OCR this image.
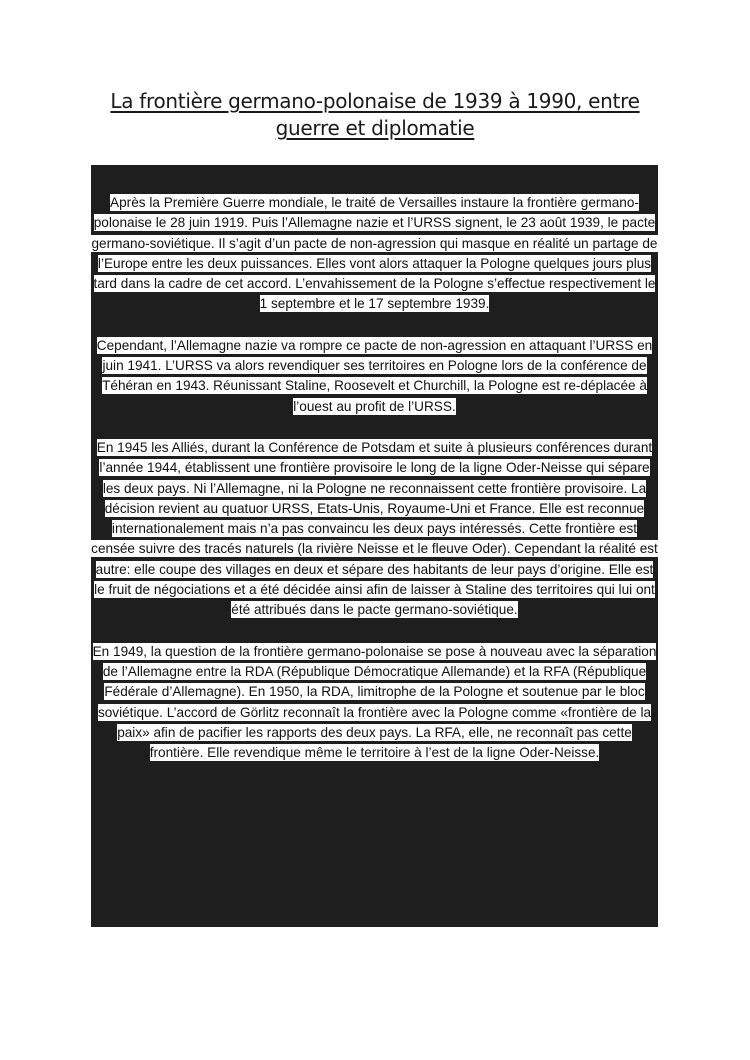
La frontière germano-polonaise de 1939 à 1990, entre guerre et diplomatie

Après la Première Guerre mondiale, le traité de Versailles instaure la frontière germano-polonaise le 28 juin 1919. Puis l’Allemagne nazie et l’URSS signent, le 23 août 1939, le pacte germano-soviétique. Il s’agit d’un pacte de non-agression qui masque en réalité un partage de l’Europe entre les deux puissances. Elles vont alors attaquer la Pologne quelques jours plus tard dans la cadre de cet accord. L’envahissement de la Pologne s’effectue respectivement le 1 septembre et le 17 septembre 1939.

Cependant, l’Allemagne nazie va rompre ce pacte de non-agression en attaquant l’URSS en juin 1941. L’URSS va alors revendiquer ses territoires en Pologne lors de la conférence de Téhéran en 1943. Réunissant Staline, Roosevelt et Churchill, la Pologne est re-déplacée à l’ouest au profit de l’URSS.

En 1945 les Alliés, durant la Conférence de Potsdam et suite à plusieurs conférences durant l’année 1944, établissent une frontière provisoire le long de la ligne Oder-Neisse qui sépare les deux pays. Ni l’Allemagne, ni la Pologne ne reconnaissent cette frontière provisoire. La décision revient au quatuor URSS, Etats-Unis, Royaume-Uni et France. Elle est reconnue internationalement mais n’a pas convaincu les deux pays intéressés. Cette frontière est censée suivre des tracés naturels (la rivière Neisse et le fleuve Oder). Cependant la réalité est autre: elle coupe des villages en deux et sépare des habitants de leur pays d’origine. Elle est le fruit de négociations et a été décidée ainsi afin de laisser à Staline des territoires qui lui ont été attribués dans le pacte germano-soviétique.

En 1949, la question de la frontière germano-polonaise se pose à nouveau avec la séparation de l’Allemagne entre la RDA (République Démocratique Allemande) et la RFA (République Fédérale d’Allemagne). En 1950, la RDA, limitrophe de la Pologne et soutenue par le bloc soviétique. L’accord de Görlitz reconnaît la frontière avec la Pologne comme «frontière de la paix» afin de pacifier les rapports des deux pays. La RFA, elle, ne reconnaît pas cette frontière. Elle revendique même le territoire à l’est de la ligne Oder-Neisse.
